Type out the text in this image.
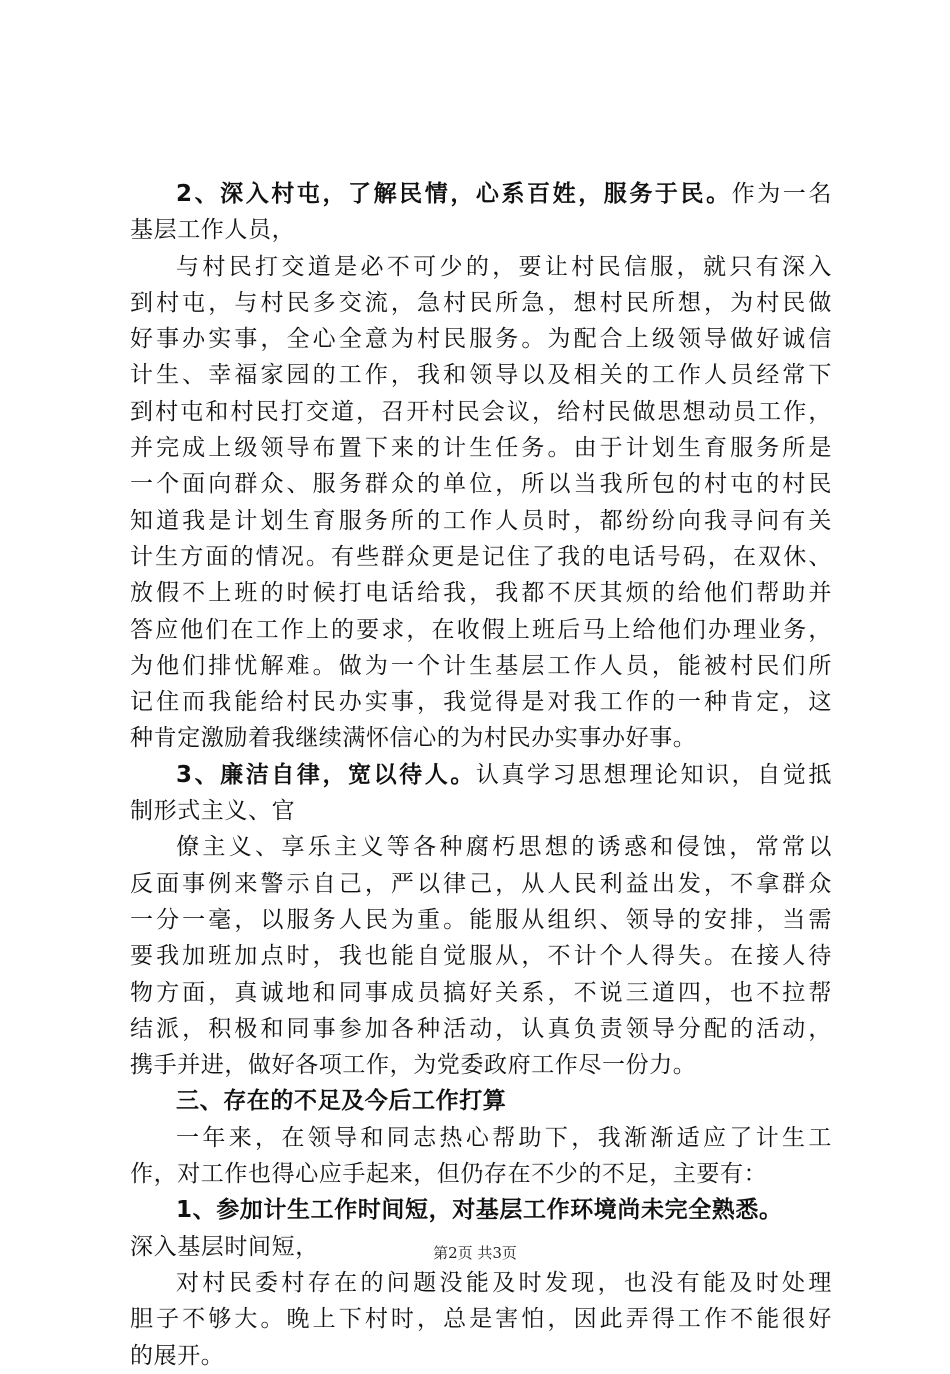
2、深入村屯，了解民情，心系百姓，服务于民。作为一名
基层工作人员，
与村民打交道是必不可少的，要让村民信服，就只有深入
到村屯，与村民多交流，急村民所急，想村民所想，为村民做
好事办实事，全心全意为村民服务。为配合上级领导做好诚信
计生、幸福家园的工作，我和领导以及相关的工作人员经常下
到村屯和村民打交道，召开村民会议，给村民做思想动员工作，
并完成上级领导布置下来的计生任务。由于计划生育服务所是
一个面向群众、服务群众的单位，所以当我所包的村屯的村民
知道我是计划生育服务所的工作人员时，都纷纷向我寻问有关
计生方面的情况。有些群众更是记住了我的电话号码，在双休、
放假不上班的时候打电话给我，我都不厌其烦的给他们帮助并
答应他们在工作上的要求，在收假上班后马上给他们办理业务，
为他们排忧解难。做为一个计生基层工作人员，能被村民们所
记住而我能给村民办实事，我觉得是对我工作的一种肯定，这
种肯定激励着我继续满怀信心的为村民办实事办好事。
3、廉洁自律，宽以待人。认真学习思想理论知识，自觉抵
制形式主义、官
僚主义、享乐主义等各种腐朽思想的诱惑和侵蚀，常常以
反面事例来警示自己，严以律己，从人民利益出发，不拿群众
一分一毫，以服务人民为重。能服从组织、领导的安排，当需
要我加班加点时，我也能自觉服从，不计个人得失。在接人待
物方面，真诚地和同事成员搞好关系，不说三道四，也不拉帮
结派，积极和同事参加各种活动，认真负责领导分配的活动，
携手并进，做好各项工作，为党委政府工作尽一份力。
三、存在的不足及今后工作打算
一年来，在领导和同志热心帮助下，我渐渐适应了计生工
作，对工作也得心应手起来，但仍存在不少的不足，主要有：
1、参加计生工作时间短，对基层工作环境尚未完全熟悉。
深入基层时间短，
对村民委村存在的问题没能及时发现，也没有能及时处理
胆子不够大。晚上下村时，总是害怕，因此弄得工作不能很好
的展开。
第2页 共3页
